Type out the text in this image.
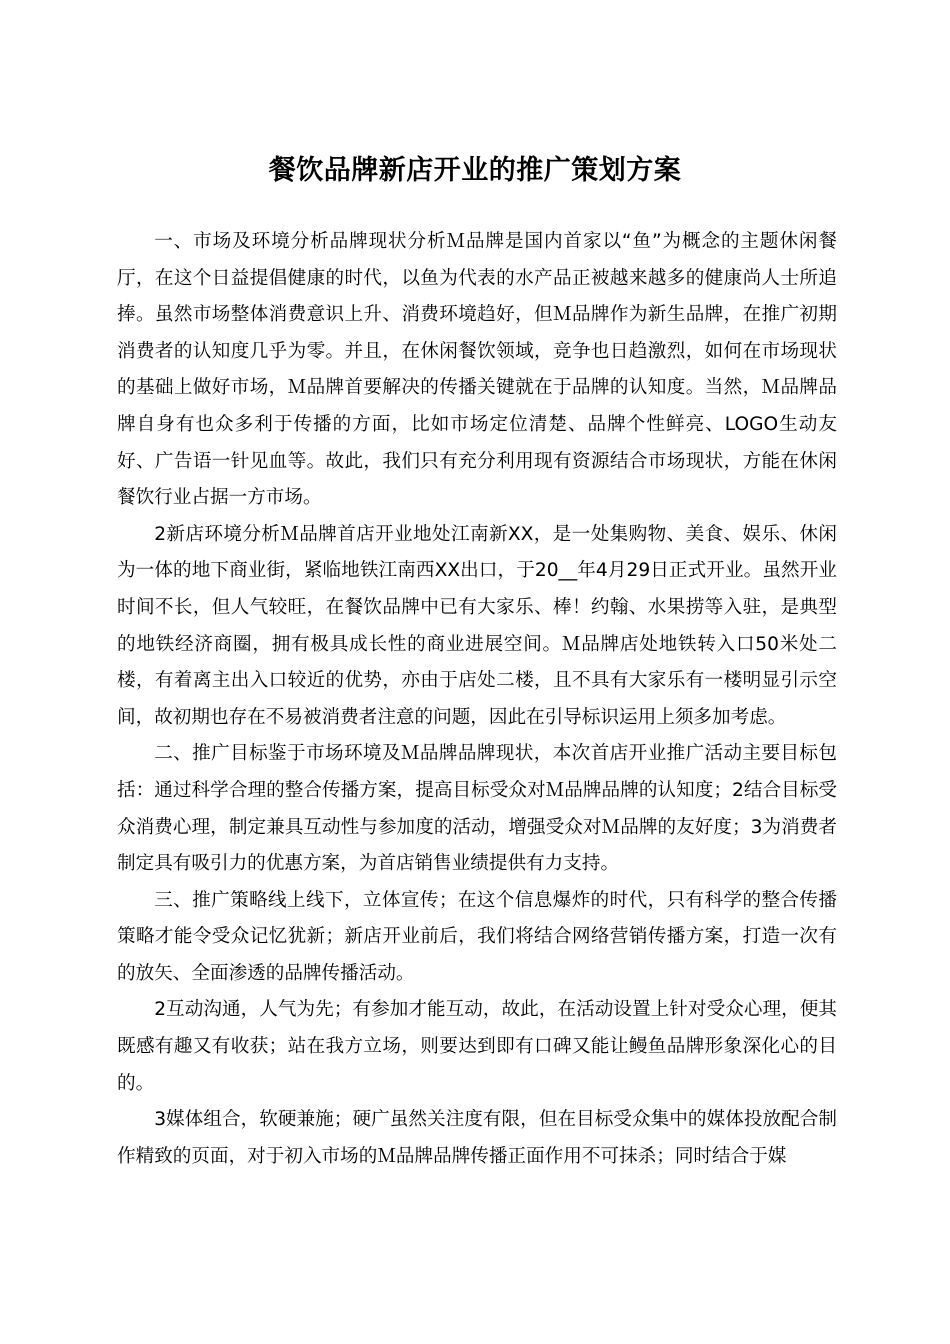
餐饮品牌新店开业的推广策划方案

一、市场及环境分析品牌现状分析Ｍ品牌是国内首家以“鱼”为概念的主题休闲餐厅，在这个日益提倡健康的时代，以鱼为代表的水产品正被越来越多的健康尚人士所追捧。虽然市场整体消费意识上升、消费环境趋好，但Ｍ品牌作为新生品牌，在推广初期消费者的认知度几乎为零。并且，在休闲餐饮领域，竞争也日趋激烈，如何在市场现状的基础上做好市场，Ｍ品牌首要解决的传播关键就在于品牌的认知度。当然，Ｍ品牌品牌自身有也众多利于传播的方面，比如市场定位清楚、品牌个性鲜亮、LOGO生动友好、广告语一针见血等。故此，我们只有充分利用现有资源结合市场现状，方能在休闲餐饮行业占据一方市场。

2新店环境分析Ｍ品牌首店开业地处江南新XX，是一处集购物、美食、娱乐、休闲为一体的地下商业街，紧临地铁江南西XX出口，于20__年4月29日正式开业。虽然开业时间不长，但人气较旺，在餐饮品牌中已有大家乐、棒！约翰、水果捞等入驻，是典型的地铁经济商圈，拥有极具成长性的商业进展空间。Ｍ品牌店处地铁转入口50米处二楼，有着离主出入口较近的优势，亦由于店处二楼，且不具有大家乐有一楼明显引示空间，故初期也存在不易被消费者注意的问题，因此在引导标识运用上须多加考虑。

二、推广目标鉴于市场环境及Ｍ品牌品牌现状，本次首店开业推广活动主要目标包括：通过科学合理的整合传播方案，提高目标受众对Ｍ品牌品牌的认知度；2结合目标受众消费心理，制定兼具互动性与参加度的活动，增强受众对Ｍ品牌的友好度；3为消费者制定具有吸引力的优惠方案，为首店销售业绩提供有力支持。

三、推广策略线上线下，立体宣传；在这个信息爆炸的时代，只有科学的整合传播策略才能令受众记忆犹新；新店开业前后，我们将结合网络营销传播方案，打造一次有的放矢、全面渗透的品牌传播活动。

2互动沟通，人气为先；有参加才能互动，故此，在活动设置上针对受众心理，便其既感有趣又有收获；站在我方立场，则要达到即有口碑又能让鳗鱼品牌形象深化心的目的。

3媒体组合，软硬兼施；硬广虽然关注度有限，但在目标受众集中的媒体投放配合制作精致的页面，对于初入市场的Ｍ品牌品牌传播正面作用不可抹杀；同时结合于媒
